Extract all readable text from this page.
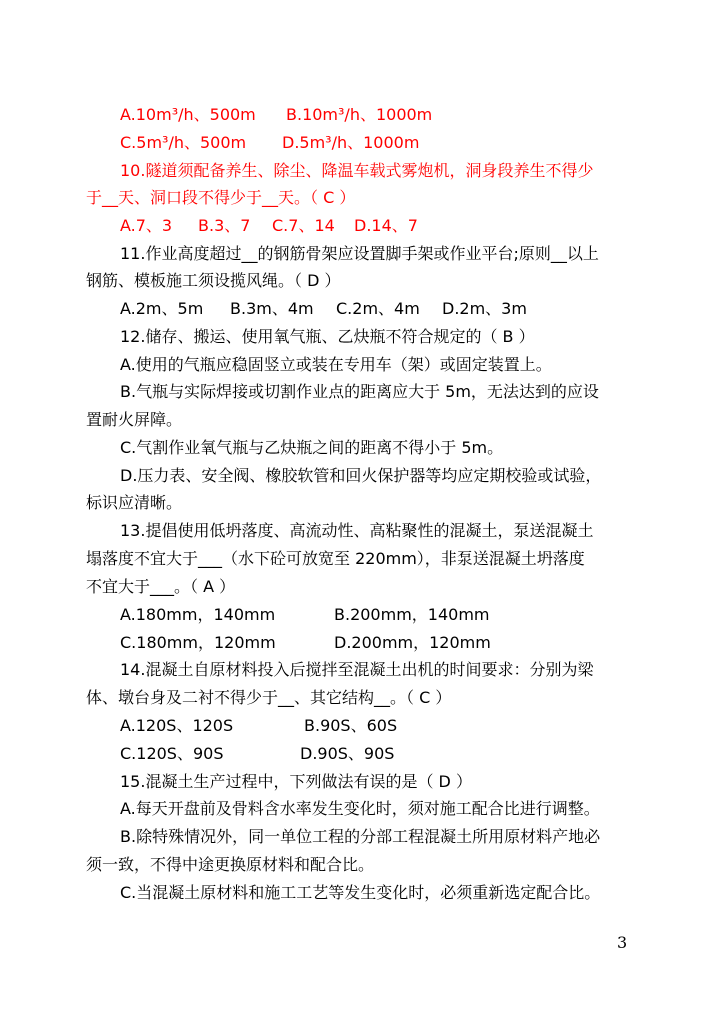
A.10m³/h、500m B.10m³/h、1000m
C.5m³/h、500m D.5m³/h、1000m
10.隧道须配备养生、除尘、降温车载式雾炮机，洞身段养生不得少
于__天、洞口段不得少于__天。（ C ）
A.7、3 B.3、7 C.7、14 D.14、7
11.作业高度超过__的钢筋骨架应设置脚手架或作业平台;原则__以上
钢筋、模板施工须设揽风绳。（ D ）
A.2m、5m B.3m、4m C.2m、4m D.2m、3m
12.储存、搬运、使用氧气瓶、乙炔瓶不符合规定的（ B ）
A.使用的气瓶应稳固竖立或装在专用车（架）或固定装置上。
B.气瓶与实际焊接或切割作业点的距离应大于 5m，无法达到的应设
置耐火屏障。
C.气割作业氧气瓶与乙炔瓶之间的距离不得小于 5m。
D.压力表、安全阀、橡胶软管和回火保护器等均应定期校验或试验，
标识应清晰。
13.提倡使用低坍落度、高流动性、高粘聚性的混凝土，泵送混凝土
塌落度不宜大于___（水下砼可放宽至 220mm），非泵送混凝土坍落度
不宜大于___。（ A ）
A.180mm，140mm	B.200mm，140mm
C.180mm，120mm	D.200mm，120mm
14.混凝土自原材料投入后搅拌至混凝土出机的时间要求：分别为梁
体、墩台身及二衬不得少于__、其它结构__。（ C ）
A.120S、120S	B.90S、60S
C.120S、90S	D.90S、90S
15.混凝土生产过程中，下列做法有误的是（ D ）
A.每天开盘前及骨料含水率发生变化时，须对施工配合比进行调整。
B.除特殊情况外，同一单位工程的分部工程混凝土所用原材料产地必
须一致，不得中途更换原材料和配合比。
C.当混凝土原材料和施工工艺等发生变化时，必须重新选定配合比。
3
